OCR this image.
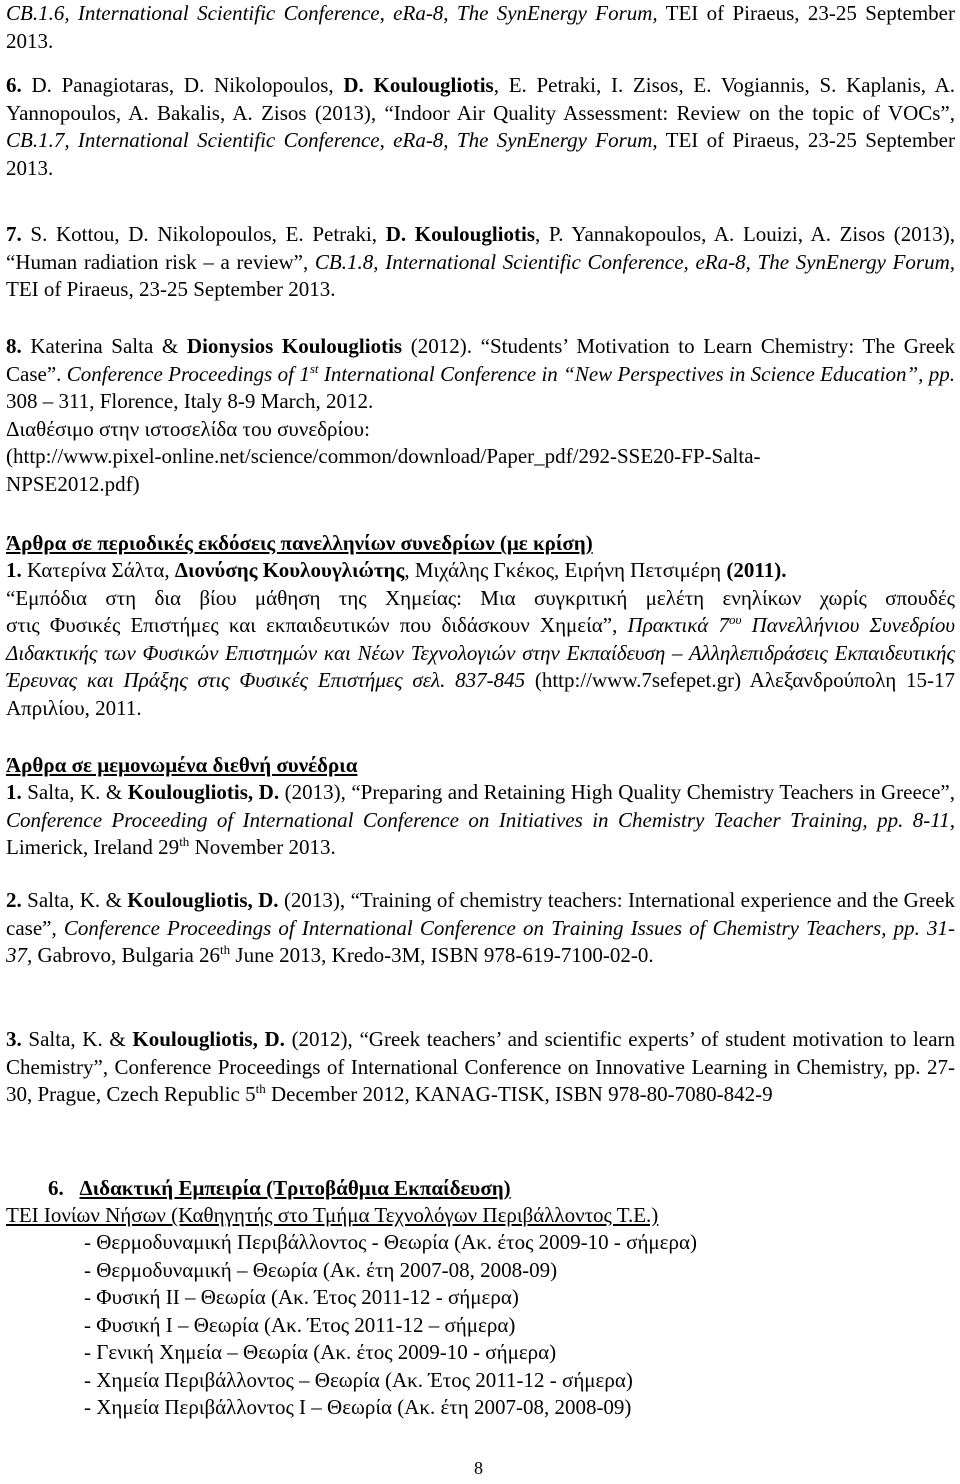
CB.1.6, International Scientific Conference, eRa-8, The SynEnergy Forum, TEI of Piraeus, 23-25 September 2013.

6. D. Panagiotaras, D. Nikolopoulos, D. Koulougliotis, E. Petraki, I. Zisos, E. Vogiannis, S. Kaplanis, A. Yannopoulos, A. Bakalis, A. Zisos (2013), “Indoor Air Quality Assessment: Review on the topic of VOCs”, CB.1.7, International Scientific Conference, eRa-8, The SynEnergy Forum, TEI of Piraeus, 23-25 September 2013.

7. S. Kottou, D. Nikolopoulos, E. Petraki, D. Koulougliotis, P. Yannakopoulos, A. Louizi, A. Zisos (2013), “Human radiation risk – a review”, CB.1.8, International Scientific Conference, eRa-8, The SynEnergy Forum, TEI of Piraeus, 23-25 September 2013.

8. Katerina Salta & Dionysios Koulougliotis (2012). “Students’ Motivation to Learn Chemistry: The Greek Case”. Conference Proceedings of 1st International Conference in “New Perspectives in Science Education”, pp. 308 – 311, Florence, Italy 8-9 March, 2012.
Διαθέσιμο στην ιστοσελίδα του συνεδρίου:
(http://www.pixel-online.net/science/common/download/Paper_pdf/292-SSE20-FP-Salta-
NPSE2012.pdf)

Άρθρα σε περιοδικές εκδόσεις πανελληνίων συνεδρίων (με κρίση)

1. Κατερίνα Σάλτα, Διονύσης Κουλουγλιώτης, Μιχάλης Γκέκος, Ειρήνη Πετσιμέρη (2011).
“Εμπόδια στη δια βίου μάθηση της Χημείας: Μια συγκριτική μελέτη ενηλίκων χωρίς σπουδές
στις Φυσικές Επιστήμες και εκπαιδευτικών που διδάσκουν Χημεία”, Πρακτικά $7^{o\upsilon}$ Πανελλήνιου Συνεδρίου Διδακτικής των Φυσικών Επιστημών και Νέων Τεχνολογιών στην Εκπαίδευση – Αλληλεπιδράσεις Εκπαιδευτικής Έρευνας και Πράξης στις Φυσικές Επιστήμες σελ. 837-845 (http://www.7sefepet.gr) Αλεξανδρούπολη 15-17 Απριλίου, 2011.

Άρθρα σε μεμονωμένα διεθνή συνέδρια

1. Salta, K. & Koulougliotis, D. (2013), “Preparing and Retaining High Quality Chemistry Teachers in Greece”, Conference Proceeding of International Conference on Initiatives in Chemistry Teacher Training, pp. 8-11, Limerick, Ireland 29th November 2013.

2. Salta, K. & Koulougliotis, D. (2013), “Training of chemistry teachers: International experience and the Greek case”, Conference Proceedings of International Conference on Training Issues of Chemistry Teachers, pp. 31-37, Gabrovo, Bulgaria 26th June 2013, Kredo-3M, ISBN 978-619-7100-02-0.

3. Salta, K. & Koulougliotis, D. (2012), “Greek teachers’ and scientific experts’ of student motivation to learn Chemistry”, Conference Proceedings of International Conference on Innovative Learning in Chemistry, pp. 27-30, Prague, Czech Republic 5th December 2012, KANAG-TISK, ISBN 978-80-7080-842-9

6. Διδακτική Εμπειρία (Τριτοβάθμια Εκπαίδευση)

ΤΕΙ Ιονίων Νήσων (Καθηγητής στο Τμήμα Τεχνολόγων Περιβάλλοντος Τ.Ε.)

- Θερμοδυναμική Περιβάλλοντος - Θεωρία (Ακ. έτος 2009-10 - σήμερα)
- Θερμοδυναμική – Θεωρία (Ακ. έτη 2007-08, 2008-09)
- Φυσική ΙΙ – Θεωρία (Ακ. Έτος 2011-12 - σήμερα)
- Φυσική Ι – Θεωρία (Ακ. Έτος 2011-12 – σήμερα)
- Γενική Χημεία – Θεωρία (Ακ. έτος 2009-10 - σήμερα)
- Χημεία Περιβάλλοντος – Θεωρία (Ακ. Έτος 2011-12 - σήμερα)
- Χημεία Περιβάλλοντος Ι – Θεωρία (Ακ. έτη 2007-08, 2008-09)

8
